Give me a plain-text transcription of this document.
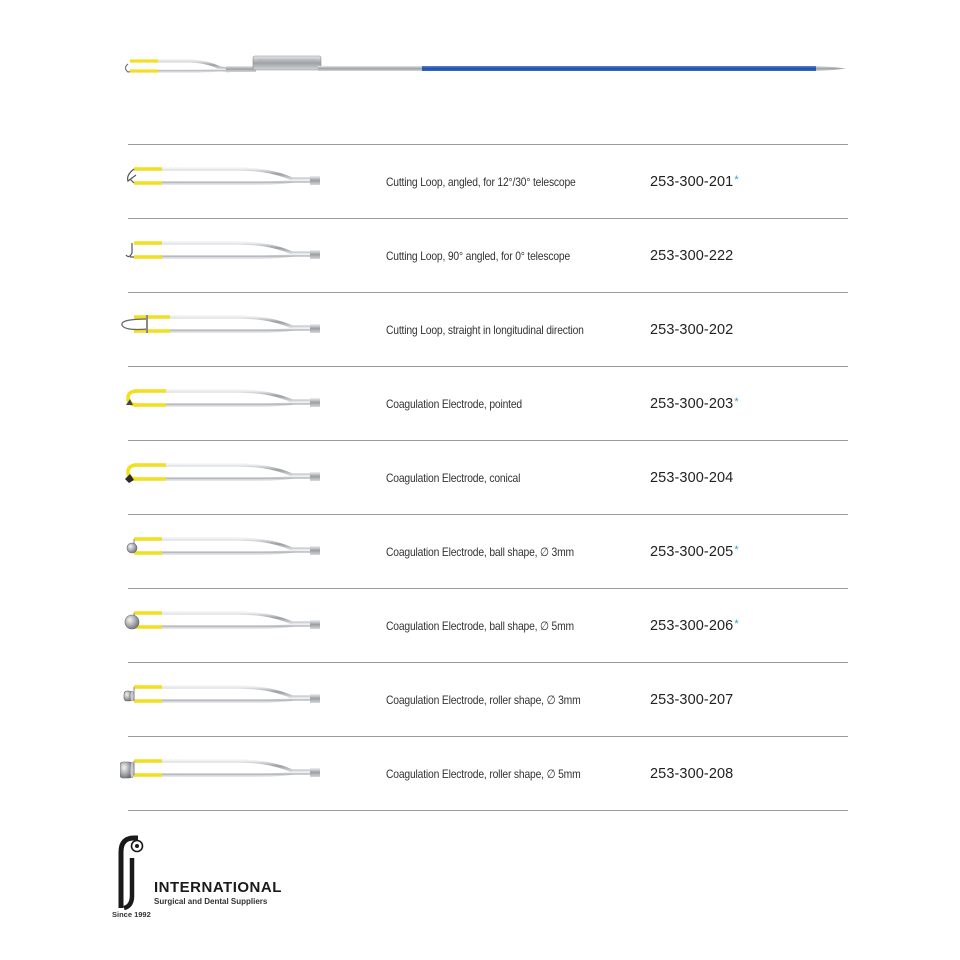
Cutting Loop, angled, for 12°/30° telescope	253-300-201 *
Cutting Loop, 90° angled, for 0° telescope	253-300-222
Cutting Loop, straight in longitudinal direction	253-300-202
Coagulation Electrode, pointed	253-300-203 *
Coagulation Electrode, conical	253-300-204
Coagulation Electrode, ball shape, ∅ 3mm	253-300-205 *
Coagulation Electrode, ball shape, ∅ 5mm	253-300-206 *
Coagulation Electrode, roller shape, ∅ 3mm	253-300-207
Coagulation Electrode, roller shape, ∅ 5mm	253-300-208
INTERNATIONAL
Surgical and Dental Suppliers
Since 1992
